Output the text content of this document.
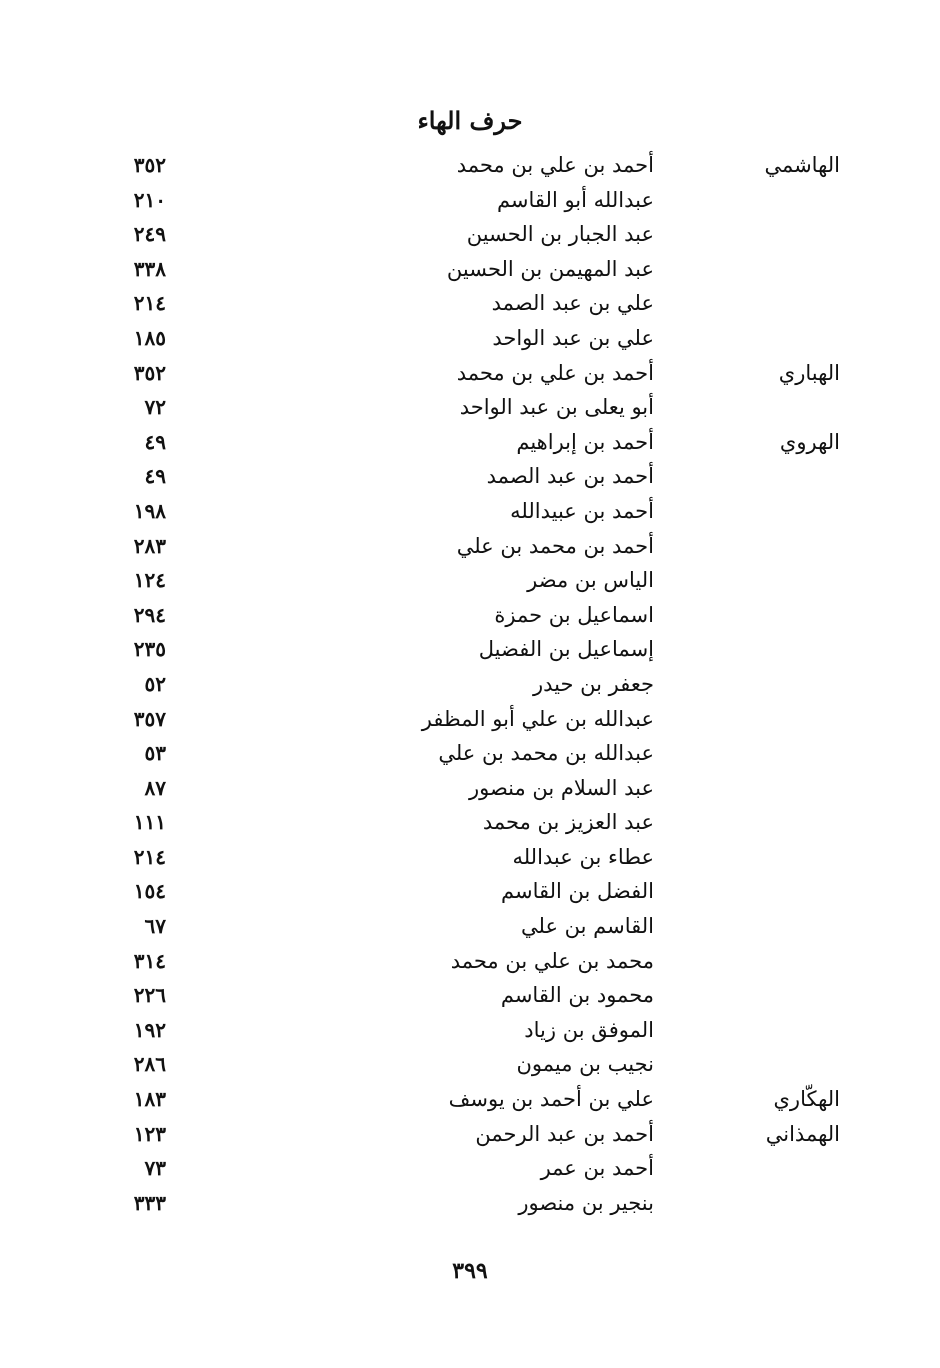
حرف الهاء
الهاشمي
أحمد بن علي بن محمد
٣٥٢
عبدالله أبو القاسم
٢١٠
عبد الجبار بن الحسين
٢٤٩
عبد المهيمن بن الحسين
٣٣٨
علي بن عبد الصمد
٢١٤
علي بن عبد الواحد
١٨٥
الهباري
أحمد بن علي بن محمد
٣٥٢
أبو يعلى بن عبد الواحد
٧٢
الهروي
أحمد بن إبراهيم
٤٩
أحمد بن عبد الصمد
٤٩
أحمد بن عبيدالله
١٩٨
أحمد بن محمد بن علي
٢٨٣
الياس بن مضر
١٢٤
اسماعيل بن حمزة
٢٩٤
إسماعيل بن الفضيل
٢٣٥
جعفر بن حيدر
٥٢
عبدالله بن علي أبو المظفر
٣٥٧
عبدالله بن محمد بن علي
٥٣
عبد السلام بن منصور
٨٧
عبد العزيز بن محمد
١١١
عطاء بن عبدالله
٢١٤
الفضل بن القاسم
١٥٤
القاسم بن علي
٦٧
محمد بن علي بن محمد
٣١٤
محمود بن القاسم
٢٢٦
الموفق بن زياد
١٩٢
نجيب بن ميمون
٢٨٦
الهكّاري
علي بن أحمد بن يوسف
١٨٣
الهمذاني
أحمد بن عبد الرحمن
١٢٣
أحمد بن عمر
٧٣
بنجير بن منصور
٣٣٣
٣٩٩
